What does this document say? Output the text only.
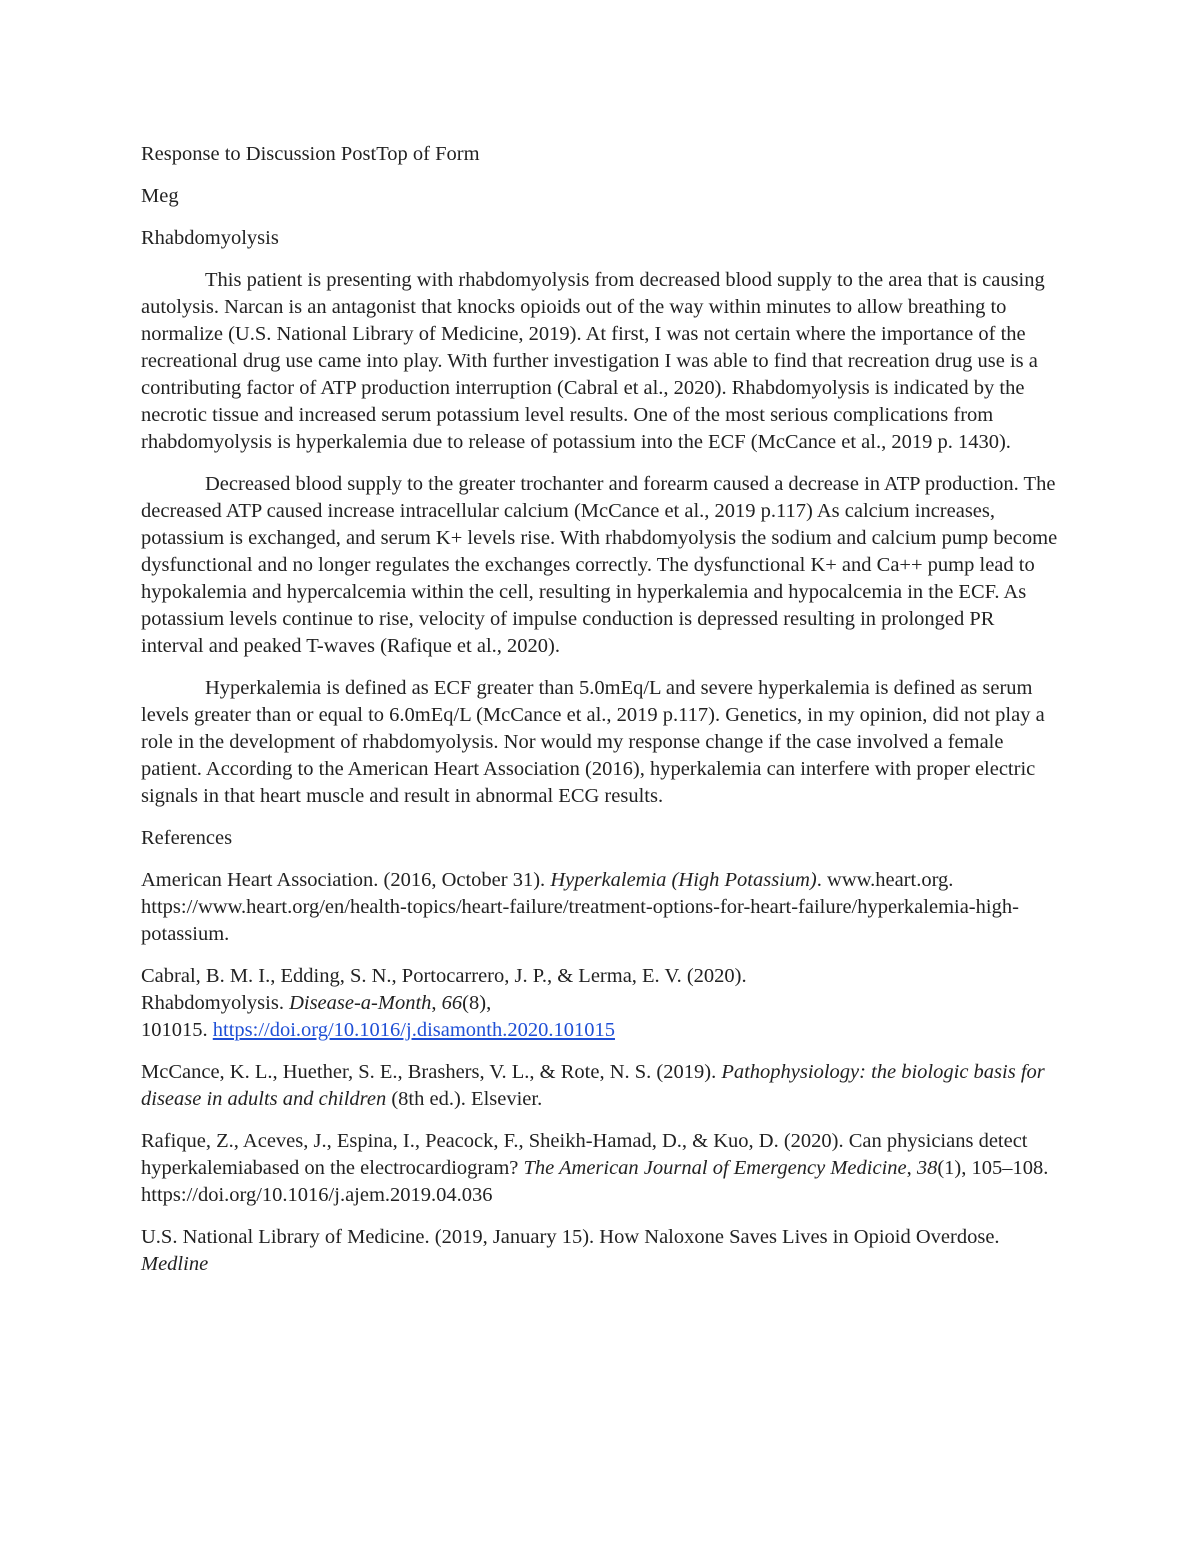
Response to Discussion PostTop of Form

Meg

Rhabdomyolysis

This patient is presenting with rhabdomyolysis from decreased blood supply to the area that is causing autolysis. Narcan is an antagonist that knocks opioids out of the way within minutes to allow breathing to normalize (U.S. National Library of Medicine, 2019). At first, I was not certain where the importance of the recreational drug use came into play. With further investigation I was able to find that recreation drug use is a contributing factor of ATP production interruption (Cabral et al., 2020). Rhabdomyolysis is indicated by the necrotic tissue and increased serum potassium level results. One of the most serious complications from rhabdomyolysis is hyperkalemia due to release of potassium into the ECF (McCance et al., 2019 p. 1430).

Decreased blood supply to the greater trochanter and forearm caused a decrease in ATP production. The decreased ATP caused increase intracellular calcium (McCance et al., 2019 p.117) As calcium increases, potassium is exchanged, and serum K+ levels rise. With rhabdomyolysis the sodium and calcium pump become dysfunctional and no longer regulates the exchanges correctly. The dysfunctional K+ and Ca++ pump lead to hypokalemia and hypercalcemia within the cell, resulting in hyperkalemia and hypocalcemia in the ECF. As potassium levels continue to rise, velocity of impulse conduction is depressed resulting in prolonged PR interval and peaked T-waves (Rafique et al., 2020).

Hyperkalemia is defined as ECF greater than 5.0mEq/L and severe hyperkalemia is defined as serum levels greater than or equal to 6.0mEq/L (McCance et al., 2019 p.117). Genetics, in my opinion, did not play a role in the development of rhabdomyolysis. Nor would my response change if the case involved a female patient. According to the American Heart Association (2016), hyperkalemia can interfere with proper electric signals in that heart muscle and result in abnormal ECG results.

References

American Heart Association. (2016, October 31). Hyperkalemia (High Potassium). www.heart.org. https://www.heart.org/en/health-topics/heart-failure/treatment-options-for-heart-failure/hyperkalemia-high-potassium.

Cabral, B. M. I., Edding, S. N., Portocarrero, J. P., & Lerma, E. V. (2020).
Rhabdomyolysis. Disease-a-Month, 66(8),
101015. https://doi.org/10.1016/j.disamonth.2020.101015

McCance, K. L., Huether, S. E., Brashers, V. L., & Rote, N. S. (2019). Pathophysiology: the biologic basis for disease in adults and children (8th ed.). Elsevier.

Rafique, Z., Aceves, J., Espina, I., Peacock, F., Sheikh-Hamad, D., & Kuo, D. (2020). Can physicians detect hyperkalemiabased on the electrocardiogram? The American Journal of Emergency Medicine, 38(1), 105–108. https://doi.org/10.1016/j.ajem.2019.04.036

U.S. National Library of Medicine. (2019, January 15). How Naloxone Saves Lives in Opioid Overdose. Medline
